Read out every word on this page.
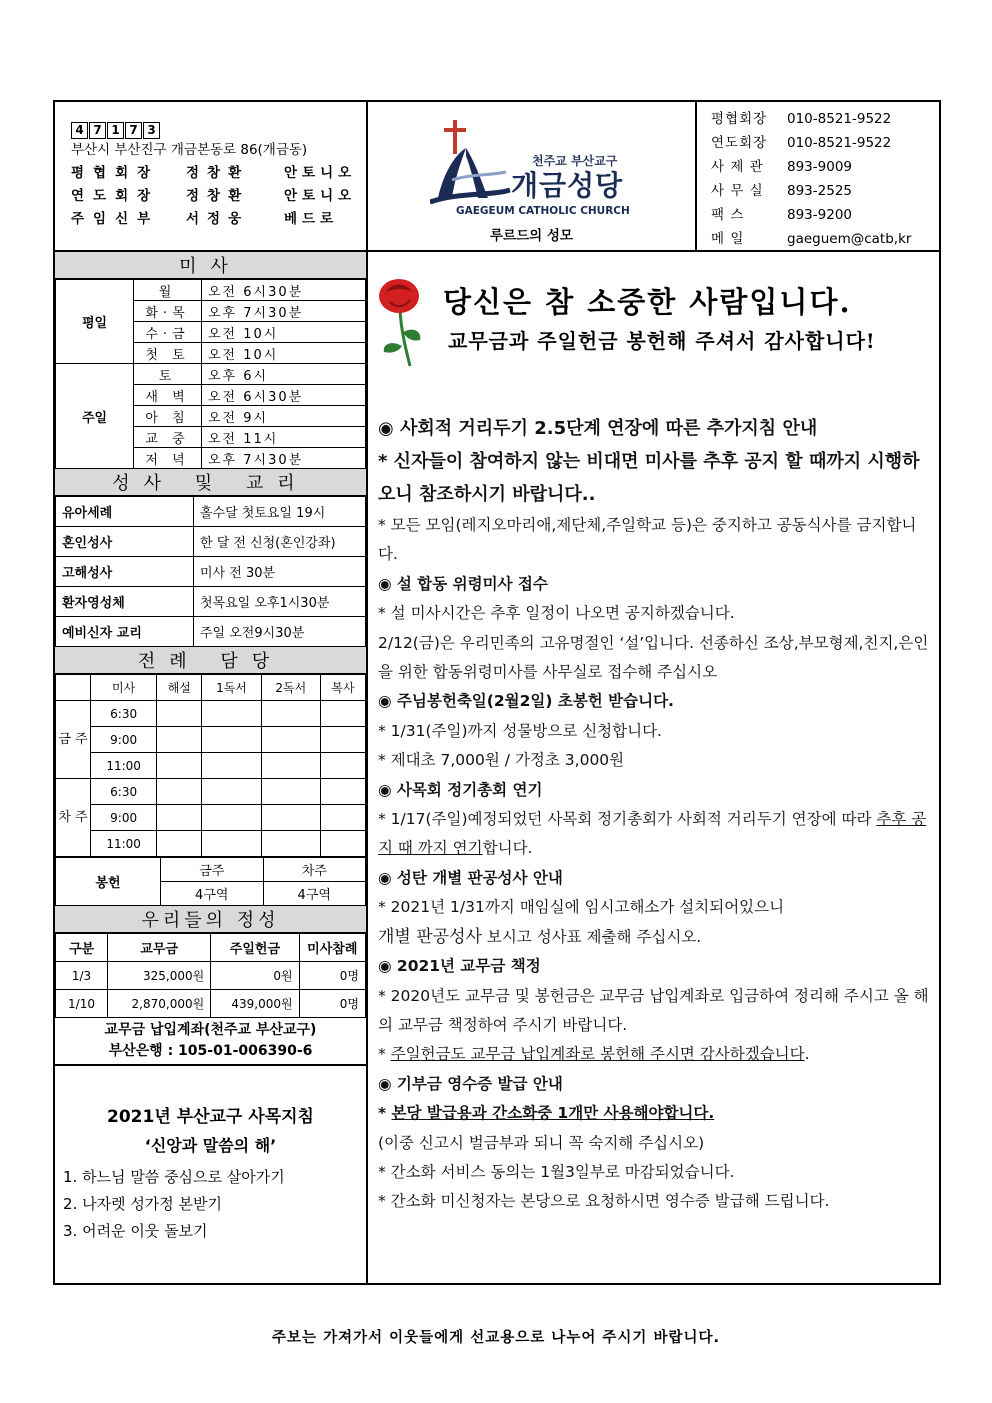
4 7 1 7 3
부산시 부산진구 개금본동로 86(개금동)
평협회장	정창환	안토니오
연도회장	정창환	안토니오
주임신부	서정웅	베드로
천주교 부산교구
개금성당
GAEGEUM CATHOLIC CHURCH
루르드의 성모
평협회장	010-8521-9522
연도회장	010-8521-9522
사 제 관	893-9009
사 무 실	893-2525
팩 스	893-9200
메 일	gaeguem@catb,kr
미사
평일	월	오전 6시30분
	화·목	오후 7시30분
	수·금	오전 10시
	첫 토	오전 10시
주일	토	오후 6시
	새 벽	오전 6시30분
	아 침	오전 9시
	교 중	오전 11시
	저 녁	오후 7시30분
성사 및 교리
유아세례	홀수달 첫토요일 19시
혼인성사	한 달 전 신청(혼인강좌)
고해성사	미사 전 30분
환자영성체	첫목요일 오후1시30분
예비신자 교리	주일 오전9시30분
전례 담당
	미사	해설	1독서	2독서	복사
금 주	6:30				
	9:00				
	11:00				
차 주	6:30				
	9:00				
	11:00				
봉헌	금주	차주
	4구역	4구역
우리들의 정성
구분	교무금	주일헌금	미사참례
1/3	325,000원	0원	0명
1/10	2,870,000원	439,000원	0명
교무금 납입계좌(천주교 부산교구)
부산은행 : 105-01-006390-6
2021년 부산교구 사목지침
‘신앙과 말씀의 해’
1. 하느님 말씀 중심으로 살아가기
2. 나자렛 성가정 본받기
3. 어려운 이웃 돌보기
당신은 참 소중한 사람입니다.
교무금과 주일헌금 봉헌해 주셔서 감사합니다!
◉ 사회적 거리두기 2.5단계 연장에 따른 추가지침 안내
* 신자들이 참여하지 않는 비대면 미사를 추후 공지 할 때까지 시행하오니 참조하시기 바랍니다..
* 모든 모임(레지오마리애,제단체,주일학교 등)은 중지하고 공동식사를 금지합니다.
◉ 설 합동 위령미사 접수
* 설 미사시간은 추후 일정이 나오면 공지하겠습니다.
2/12(금)은 우리민족의 고유명절인 ‘설’입니다. 선종하신 조상,부모형제,친지,은인을 위한 합동위령미사를 사무실로 접수해 주십시오
◉ 주님봉헌축일(2월2일) 초봉헌 받습니다.
* 1/31(주일)까지 성물방으로 신청합니다.
* 제대초 7,000원 / 가정초 3,000원
◉ 사목회 정기총회 연기
* 1/17(주일)예정되었던 사목회 정기총회가 사회적 거리두기 연장에 따라 추후 공지 때 까지 연기합니다.
◉ 성탄 개별 판공성사 안내
* 2021년 1/31까지 매임실에 임시고해소가 설치되어있으니
개별 판공성사 보시고 성사표 제출해 주십시오.
◉ 2021년 교무금 책정
* 2020년도 교무금 및 봉헌금은 교무금 납입계좌로 입금하여 정리해 주시고 올 해의 교무금 책정하여 주시기 바랍니다.
* 주일헌금도 교무금 납입계좌로 봉헌해 주시면 감사하겠습니다.
◉ 기부금 영수증 발급 안내
* 본당 발급용과 간소화중 1개만 사용해야합니다.
(이중 신고시 벌금부과 되니 꼭 숙지해 주십시오)
* 간소화 서비스 동의는 1월3일부로 마감되었습니다.
* 간소화 미신청자는 본당으로 요청하시면 영수증 발급해 드립니다.
주보는 가져가서 이웃들에게 선교용으로 나누어 주시기 바랍니다.
